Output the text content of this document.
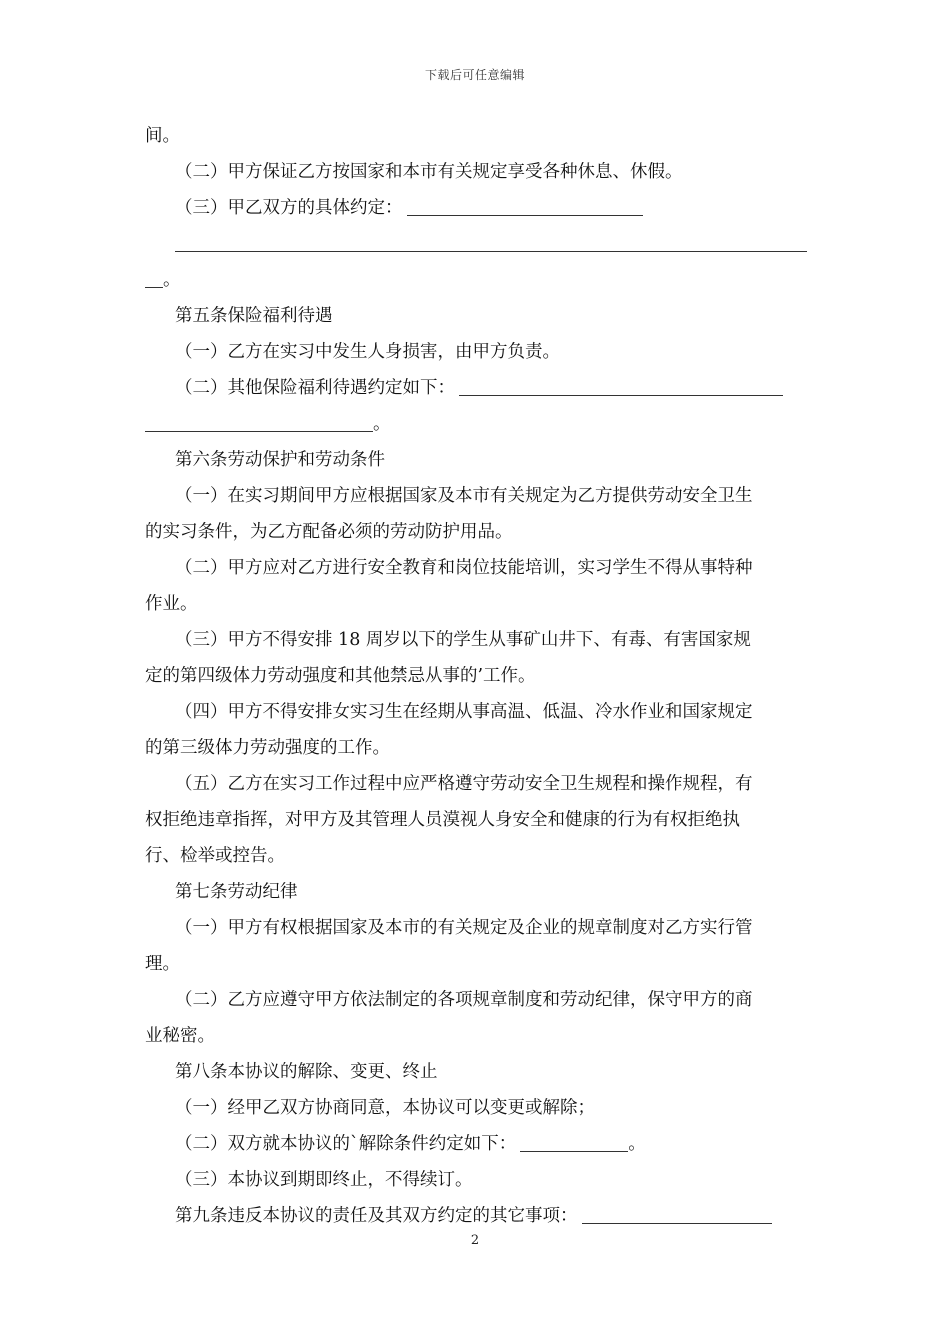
下载后可任意编辑
间。
（二）甲方保证乙方按国家和本市有关规定享受各种休息、休假。
（三）甲乙双方的具体约定：
。
第五条保险福利待遇
（一）乙方在实习中发生人身损害，由甲方负责。
（二）其他保险福利待遇约定如下：
。
第六条劳动保护和劳动条件
（一）在实习期间甲方应根据国家及本市有关规定为乙方提供劳动安全卫生
的实习条件，为乙方配备必须的劳动防护用品。
（二）甲方应对乙方进行安全教育和岗位技能培训，实习学生不得从事特种
作业。
（三）甲方不得安排 18 周岁以下的学生从事矿山井下、有毒、有害国家规
定的第四级体力劳动强度和其他禁忌从事的’工作。
（四）甲方不得安排女实习生在经期从事高温、低温、冷水作业和国家规定
的第三级体力劳动强度的工作。
（五）乙方在实习工作过程中应严格遵守劳动安全卫生规程和操作规程，有
权拒绝违章指挥，对甲方及其管理人员漠视人身安全和健康的行为有权拒绝执
行、检举或控告。
第七条劳动纪律
（一）甲方有权根据国家及本市的有关规定及企业的规章制度对乙方实行管
理。
（二）乙方应遵守甲方依法制定的各项规章制度和劳动纪律，保守甲方的商
业秘密。
第八条本协议的解除、变更、终止
（一）经甲乙双方协商同意，本协议可以变更或解除；
（二）双方就本协议的`解除条件约定如下：	。
（三）本协议到期即终止，不得续订。
第九条违反本协议的责任及其双方约定的其它事项：
2
